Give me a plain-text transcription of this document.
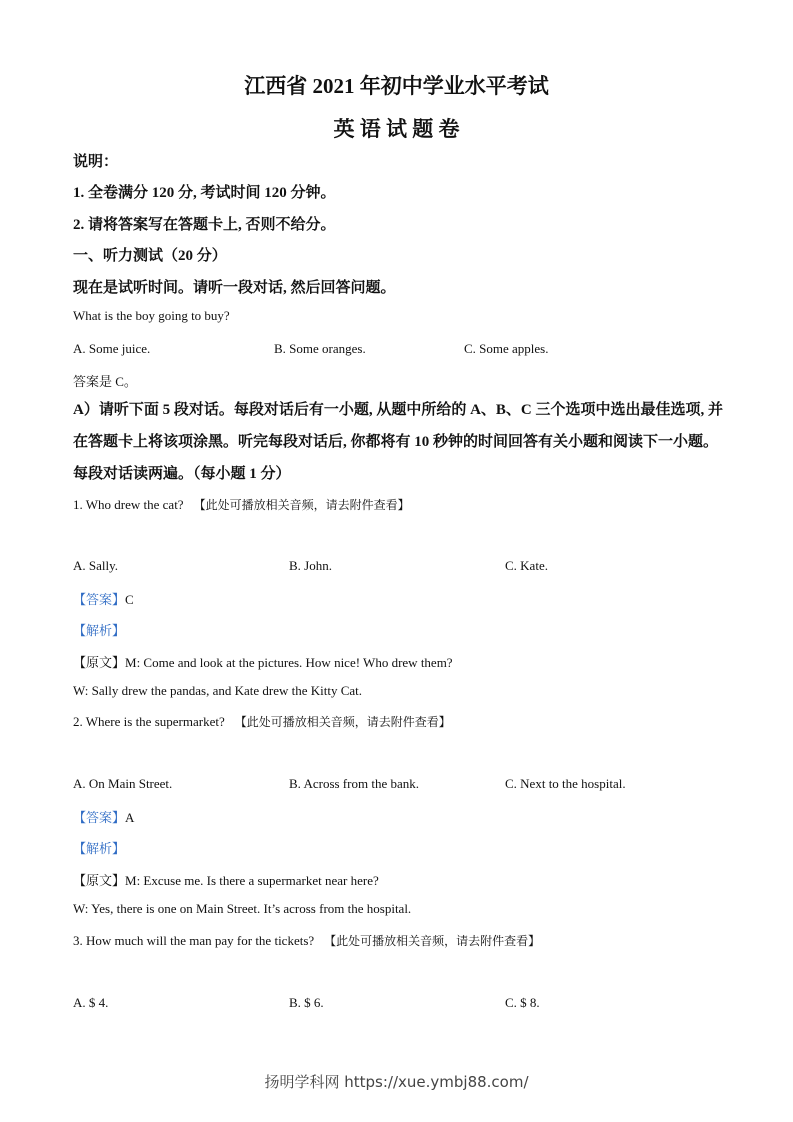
江西省 2021 年初中学业水平考试
英 语 试 题 卷
说明：
1. 全卷满分 120 分, 考试时间 120 分钟。
2. 请将答案写在答题卡上, 否则不给分。
一、听力测试（20 分）
现在是试听时间。请听一段对话, 然后回答问题。
What is the boy going to buy?
A. Some juice.	B. Some oranges.	C. Some apples.
答案是 C。
A）请听下面 5 段对话。每段对话后有一小题, 从题中所给的 A、B、C 三个选项中选出最佳选项, 并在答题卡上将该项涂黑。听完每段对话后, 你都将有 10 秒钟的时间回答有关小题和阅读下一小题。每段对话读两遍。（每小题 1 分）
1. Who drew the cat? 【此处可播放相关音频，请去附件查看】
A. Sally.	B. John.	C. Kate.
【答案】C
【解析】
【原文】M: Come and look at the pictures. How nice! Who drew them?
W: Sally drew the pandas, and Kate drew the Kitty Cat.
2. Where is the supermarket? 【此处可播放相关音频，请去附件查看】
A. On Main Street.	B. Across from the bank.	C. Next to the hospital.
【答案】A
【解析】
【原文】M: Excuse me. Is there a supermarket near here?
W: Yes, there is one on Main Street. It’s across from the hospital.
3. How much will the man pay for the tickets? 【此处可播放相关音频，请去附件查看】
A. $ 4.	B. $ 6.	C. $ 8.
扬明学科网 https://xue.ymbj88.com/
